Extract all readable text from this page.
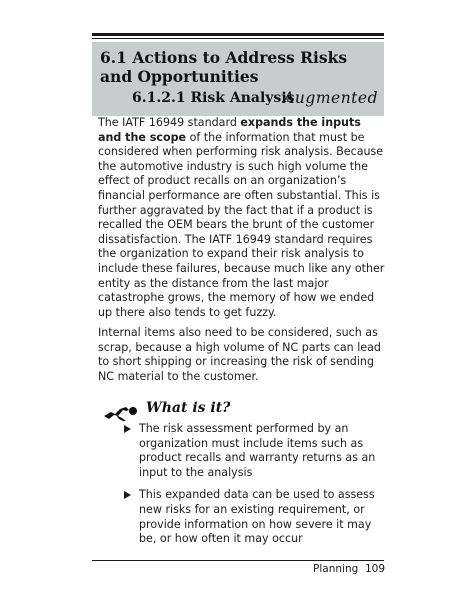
6.1 Actions to Address Risks and Opportunities
6.1.2.1 Risk Analysis
Augmented

The IATF 16949 standard expands the inputs and the scope of the information that must be considered when performing risk analysis. Because the automotive industry is such high volume the effect of product recalls on an organization’s financial performance are often substantial. This is further aggravated by the fact that if a product is recalled the OEM bears the brunt of the customer dissatisfaction. The IATF 16949 standard requires the organization to expand their risk analysis to include these failures, because much like any other entity as the distance from the last major catastrophe grows, the memory of how we ended up there also tends to get fuzzy.

Internal items also need to be considered, such as scrap, because a high volume of NC parts can lead to short shipping or increasing the risk of sending NC material to the customer.

What is it?
The risk assessment performed by an organization must include items such as product recalls and warranty returns as an input to the analysis
This expanded data can be used to assess new risks for an existing requirement, or provide information on how severe it may be, or how often it may occur
Planning 109
